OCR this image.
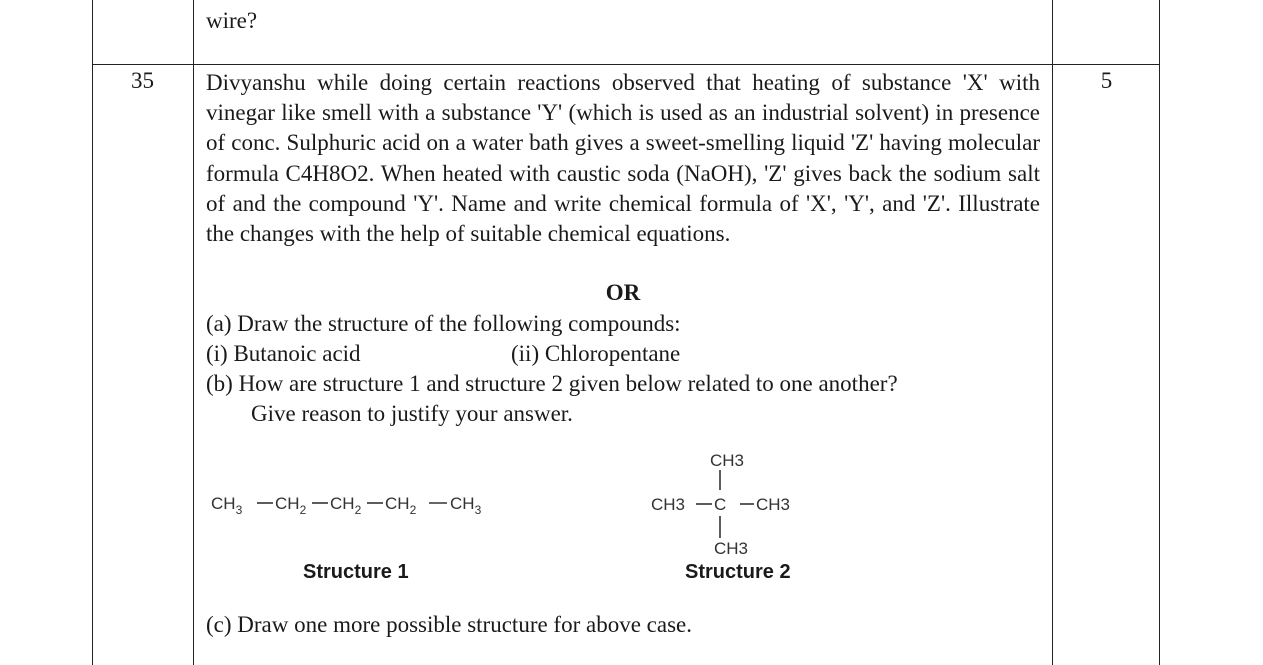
wire?
35	5
Divyanshu while doing certain reactions observed that heating of substance 'X' with vinegar like smell with a substance 'Y' (which is used as an industrial solvent) in presence of conc. Sulphuric acid on a water bath gives a sweet-smelling liquid 'Z' having molecular formula C4H8O2. When heated with caustic soda (NaOH), 'Z' gives back the sodium salt of and the compound 'Y'. Name and write chemical formula of 'X', 'Y', and 'Z'. Illustrate the changes with the help of suitable chemical equations.
OR
(a) Draw the structure of the following compounds:
(i) Butanoic acid	(ii) Chloropentane
(b) How are structure 1 and structure 2 given below related to one another?
Give reason to justify your answer.
$CH_3$ $CH_2$ $CH_2$ $CH_2$ $CH_3$
Structure 1
CH3
CH3 C CH3
CH3
Structure 2
(c) Draw one more possible structure for above case.
